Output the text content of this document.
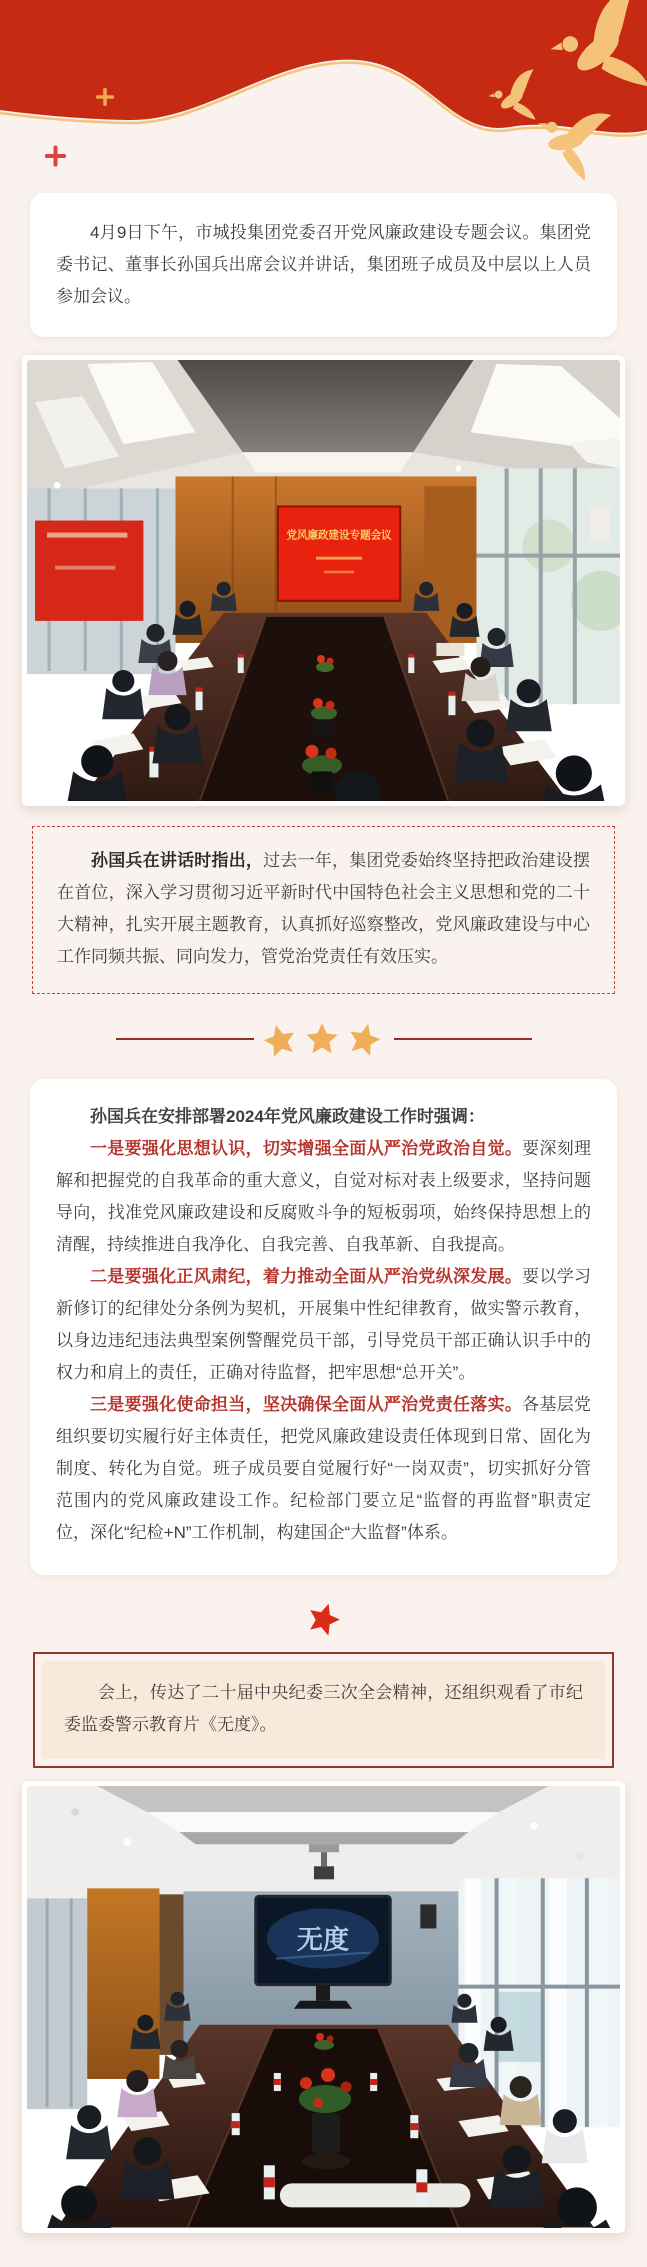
4月9日下午，市城投集团党委召开党风廉政建设专题会议。集团党委书记、董事长孙国兵出席会议并讲话，集团班子成员及中层以上人员参加会议。

党风廉政建设专题会议

孙国兵在讲话时指出，过去一年，集团党委始终坚持把政治建设摆在首位，深入学习贯彻习近平新时代中国特色社会主义思想和党的二十大精神，扎实开展主题教育，认真抓好巡察整改，党风廉政建设与中心工作同频共振、同向发力，管党治党责任有效压实。

孙国兵在安排部署2024年党风廉政建设工作时强调：

一是要强化思想认识，切实增强全面从严治党政治自觉。要深刻理解和把握党的自我革命的重大意义，自觉对标对表上级要求，坚持问题导向，找准党风廉政建设和反腐败斗争的短板弱项，始终保持思想上的清醒，持续推进自我净化、自我完善、自我革新、自我提高。

二是要强化正风肃纪，着力推动全面从严治党纵深发展。要以学习新修订的纪律处分条例为契机，开展集中性纪律教育，做实警示教育，以身边违纪违法典型案例警醒党员干部，引导党员干部正确认识手中的权力和肩上的责任，正确对待监督，把牢思想“总开关”。

三是要强化使命担当，坚决确保全面从严治党责任落实。各基层党组织要切实履行好主体责任，把党风廉政建设责任体现到日常、固化为制度、转化为自觉。班子成员要自觉履行好“一岗双责”，切实抓好分管范围内的党风廉政建设工作。纪检部门要立足“监督的再监督”职责定位，深化“纪检+N”工作机制，构建国企“大监督”体系。

会上，传达了二十届中央纪委三次全会精神，还组织观看了市纪委监委警示教育片《无度》。

无度
